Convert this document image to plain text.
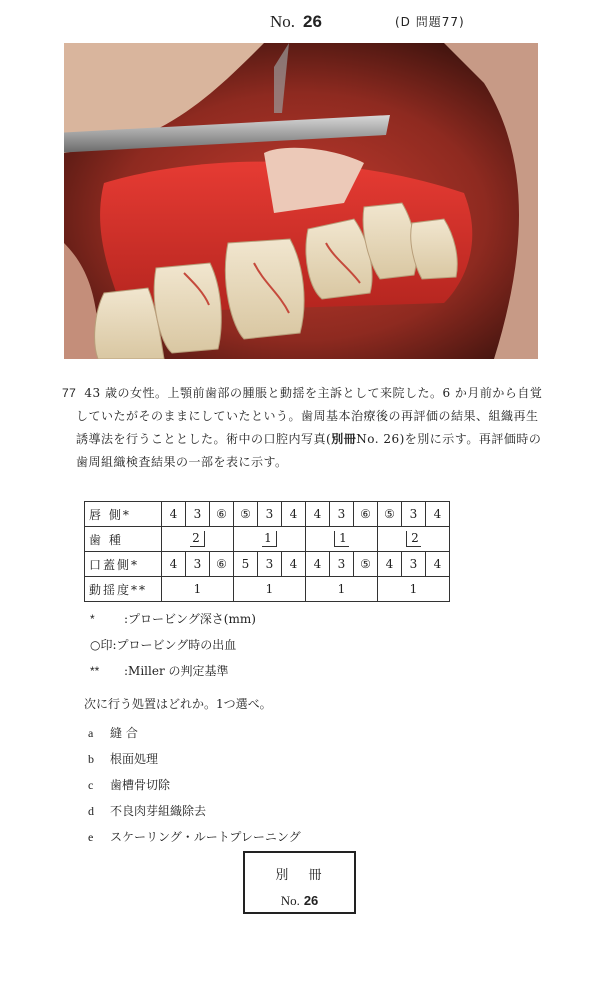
No. 26	(D 問題77)
77 43 歳の女性。上顎前歯部の腫脹と動揺を主訴として来院した。6 か月前から自覚していたがそのままにしていたという。歯周基本治療後の再評価の結果、組織再生誘導法を行うこととした。術中の口腔内写真(別冊No. 26)を別に示す。再評価時の歯周組織検査結果の一部を表に示す。
唇 側*	4	3	⑥	⑤	3	4	4	3	⑥	⑤	3	4
歯 種	2			1			1			2		
口蓋側*	4	3	⑥	5	3	4	4	3	⑤	4	3	4
動揺度**	1			1			1			1		
* :プロービング深さ(mm)
○印:プロービング時の出血
** :Miller の判定基準
次に行う処置はどれか。1つ選べ。
a 縫 合
b 根面処理
c 歯槽骨切除
d 不良肉芽組織除去
e スケーリング・ルートプレーニング
別 冊
No. 26
